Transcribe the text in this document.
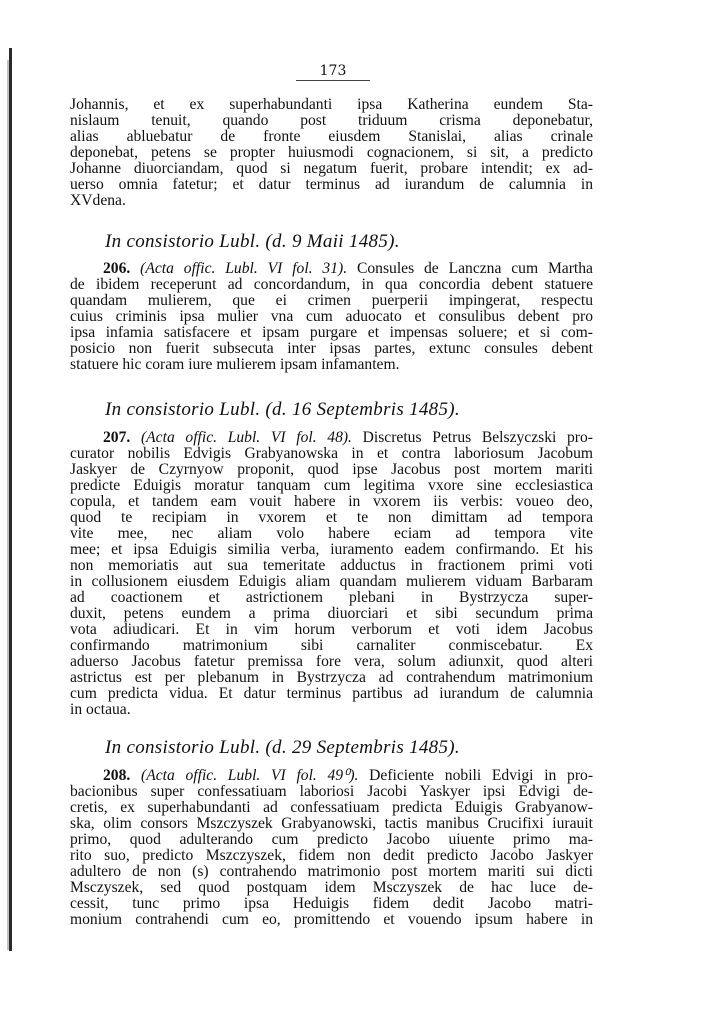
173
Johannis, et ex superhabundanti ipsa Katherina eundem Sta-
nislaum tenuit, quando post triduum crisma deponebatur,
alias abluebatur de fronte eiusdem Stanislai, alias crinale
deponebat, petens se propter huiusmodi cognacionem, si sit, a predicto
Johanne diuorciandam, quod si negatum fuerit, probare intendit; ex ad-
uerso omnia fatetur; et datur terminus ad iurandum de calumnia in
XVdena.
In consistorio Lubl. (d. 9 Maii 1485).
206. (Acta offic. Lubl. VI fol. 31). Consules de Lanczna cum Martha
de ibidem receperunt ad concordandum, in qua concordia debent statuere
quandam mulierem, que ei crimen puerperii impingerat, respectu
cuius criminis ipsa mulier vna cum aduocato et consulibus debent pro
ipsa infamia satisfacere et ipsam purgare et impensas soluere; et si com-
posicio non fuerit subsecuta inter ipsas partes, extunc consules debent
statuere hic coram iure mulierem ipsam infamantem.
In consistorio Lubl. (d. 16 Septembris 1485).
207. (Acta offic. Lubl. VI fol. 48). Discretus Petrus Belszyczski pro-
curator nobilis Edvigis Grabyanowska in et contra laboriosum Jacobum
Jaskyer de Czyrnyow proponit, quod ipse Jacobus post mortem mariti
predicte Eduigis moratur tanquam cum legitima vxore sine ecclesiastica
copula, et tandem eam vouit habere in vxorem iis verbis: voueo deo,
quod te recipiam in vxorem et te non dimittam ad tempora
vite mee, nec aliam volo habere eciam ad tempora vite
mee; et ipsa Eduigis similia verba, iuramento eadem confirmando. Et his
non memoriatis aut sua temeritate adductus in fractionem primi voti
in collusionem eiusdem Eduigis aliam quandam mulierem viduam Barbaram
ad coactionem et astrictionem plebani in Bystrzycza super-
duxit, petens eundem a prima diuorciari et sibi secundum prima
vota adiudicari. Et in vim horum verborum et voti idem Jacobus
confirmando matrimonium sibi carnaliter conmiscebatur. Ex
aduerso Jacobus fatetur premissa fore vera, solum adiunxit, quod alteri
astrictus est per plebanum in Bystrzycza ad contrahendum matrimonium
cum predicta vidua. Et datur terminus partibus ad iurandum de calumnia
in octaua.
In consistorio Lubl. (d. 29 Septembris 1485).
208. (Acta offic. Lubl. VI fol. 49⁰). Deficiente nobili Edvigi in pro-
bacionibus super confessatiuam laboriosi Jacobi Yaskyer ipsi Edvigi de-
cretis, ex superhabundanti ad confessatiuam predicta Eduigis Grabyanow-
ska, olim consors Mszczyszek Grabyanowski, tactis manibus Crucifixi iurauit
primo, quod adulterando cum predicto Jacobo uiuente primo ma-
rito suo, predicto Mszczyszek, fidem non dedit predicto Jacobo Jaskyer
adultero de non (s) contrahendo matrimonio post mortem mariti sui dicti
Msczyszek, sed quod postquam idem Msczyszek de hac luce de-
cessit, tunc primo ipsa Heduigis fidem dedit Jacobo matri-
monium contrahendi cum eo, promittendo et vouendo ipsum habere in
